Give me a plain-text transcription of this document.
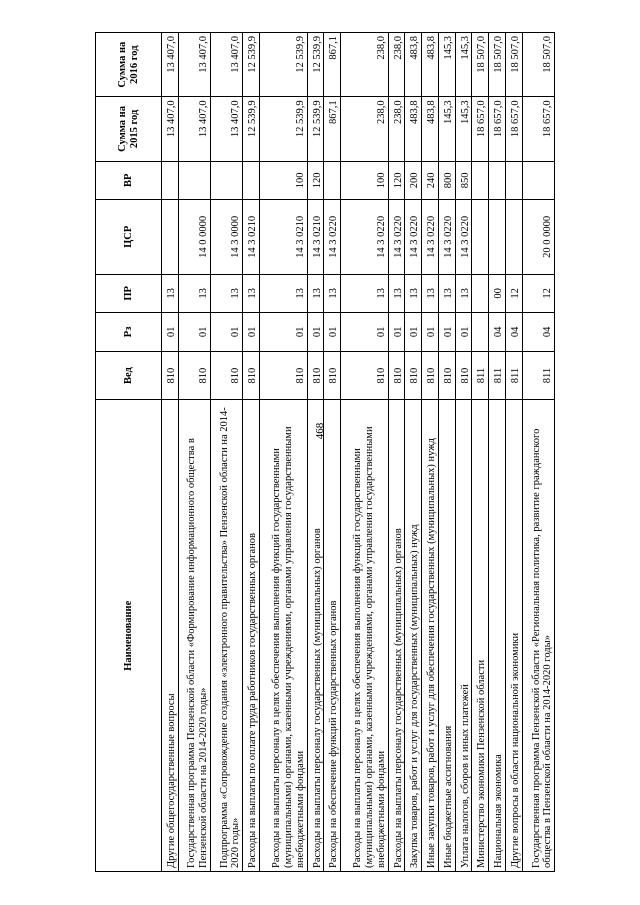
468
Наименование	Вед	Рз	ПР	ЦСР	ВР	Сумма на 2015 год	Сумма на 2016 год
Другие общегосударственные вопросы	810	01	13			13 407,0	13 407,0
Государственная программа Пензенской области «Формирование информационного общества в Пензенской области на 2014-2020 годы»	810	01	13	14 0 0000		13 407,0	13 407,0
Подпрограмма «Сопровождение создания «электронного правительства» Пензенской области на 2014-2020 годы»	810	01	13	14 3 0000		13 407,0	13 407,0
Расходы на выплаты по оплате труда работников государственных органов	810	01	13	14 3 0210		12 539,9	12 539,9
Расходы на выплаты персоналу в целях обеспечения выполнения функций государственными (муниципальными) органами, казенными учреждениями, органами управления государственными внебюджетными фондами	810	01	13	14 3 0210	100	12 539,9	12 539,9
Расходы на выплаты персоналу государственных (муниципальных) органов	810	01	13	14 3 0210	120	12 539,9	12 539,9
Расходы на обеспечение функций государственных органов	810	01	13	14 3 0220		867,1	867,1
Расходы на выплаты персоналу в целях обеспечения выполнения функций государственными (муниципальными) органами, казенными учреждениями, органами управления государственными внебюджетными фондами	810	01	13	14 3 0220	100	238,0	238,0
Расходы на выплаты персоналу государственных (муниципальных) органов	810	01	13	14 3 0220	120	238,0	238,0
Закупка товаров, работ и услуг для государственных (муниципальных) нужд	810	01	13	14 3 0220	200	483,8	483,8
Иные закупки товаров, работ и услуг для обеспечения государственных (муниципальных) нужд	810	01	13	14 3 0220	240	483,8	483,8
Иные бюджетные ассигнования	810	01	13	14 3 0220	800	145,3	145,3
Уплата налогов, сборов и иных платежей	810	01	13	14 3 0220	850	145,3	145,3
Министерство экономики Пензенской области	811					18 657,0	18 507,0
Национальная экономика	811	04	00			18 657,0	18 507,0
Другие вопросы в области национальной экономики	811	04	12			18 657,0	18 507,0
Государственная программа Пензенской области «Региональная политика, развитие гражданского общества в Пензенской области на 2014-2020 годы»	811	04	12	20 0 0000		18 657,0	18 507,0
